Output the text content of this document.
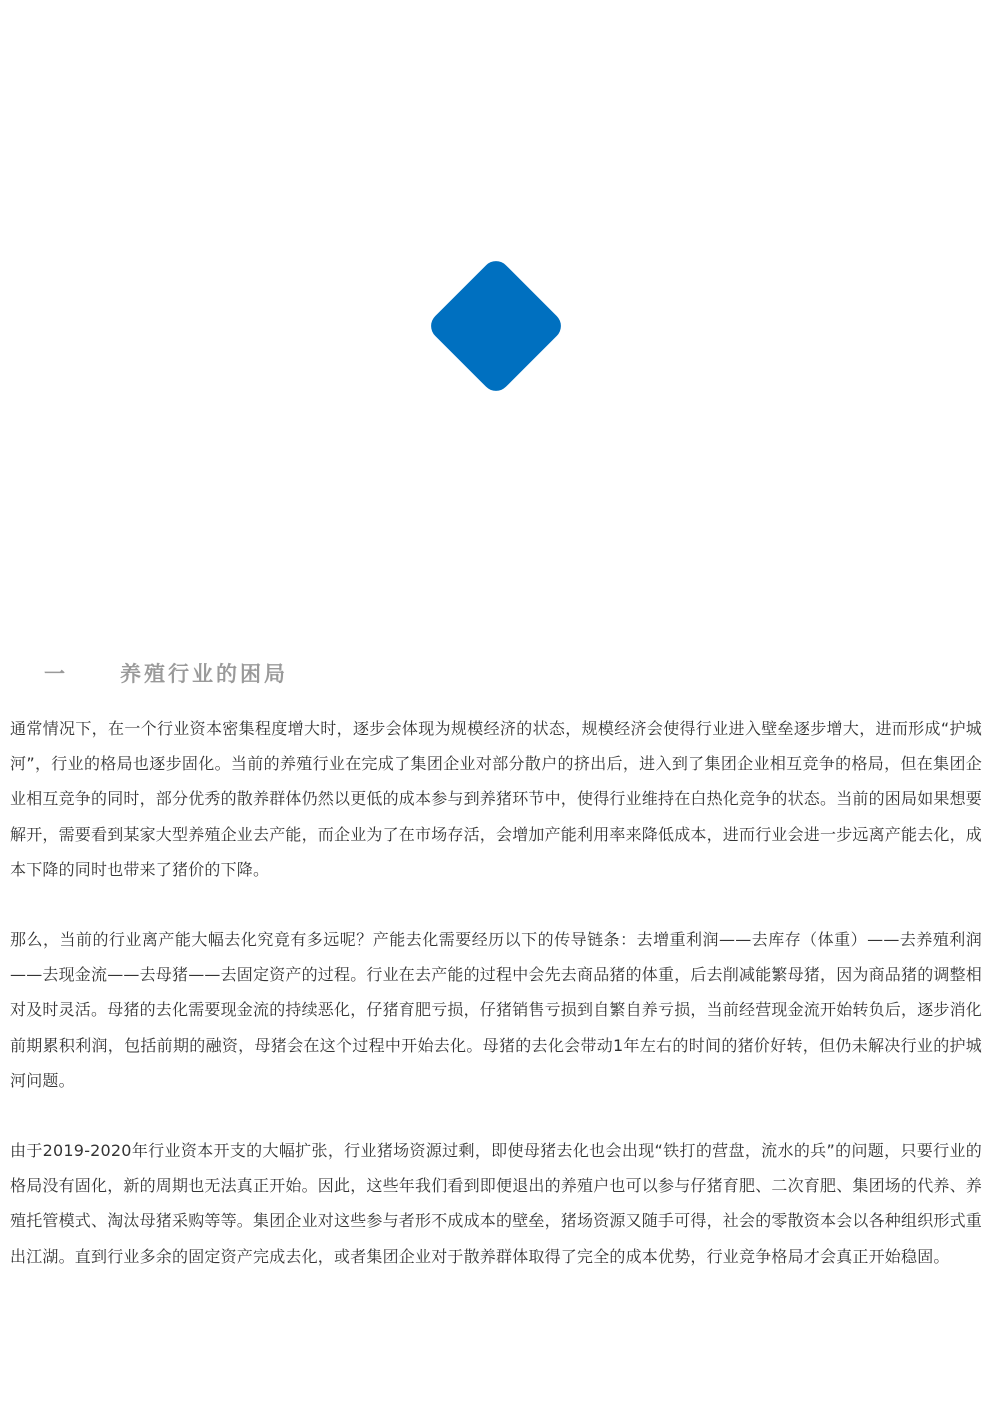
一	养殖行业的困局

通常情况下，在一个行业资本密集程度增大时，逐步会体现为规模经济的状态，规模经济会使得行业进入壁垒逐步增大，进而形成“护城河”，行业的格局也逐步固化。当前的养殖行业在完成了集团企业对部分散户的挤出后，进入到了集团企业相互竞争的格局，但在集团企业相互竞争的同时，部分优秀的散养群体仍然以更低的成本参与到养猪环节中，使得行业维持在白热化竞争的状态。当前的困局如果想要解开，需要看到某家大型养殖企业去产能，而企业为了在市场存活，会增加产能利用率来降低成本，进而行业会进一步远离产能去化，成本下降的同时也带来了猪价的下降。

那么，当前的行业离产能大幅去化究竟有多远呢？产能去化需要经历以下的传导链条：去增重利润——去库存（体重）——去养殖利润——去现金流——去母猪——去固定资产的过程。行业在去产能的过程中会先去商品猪的体重，后去削减能繁母猪，因为商品猪的调整相对及时灵活。母猪的去化需要现金流的持续恶化，仔猪育肥亏损，仔猪销售亏损到自繁自养亏损，当前经营现金流开始转负后，逐步消化前期累积利润，包括前期的融资，母猪会在这个过程中开始去化。母猪的去化会带动1年左右的时间的猪价好转，但仍未解决行业的护城河问题。

由于2019-2020年行业资本开支的大幅扩张，行业猪场资源过剩，即使母猪去化也会出现“铁打的营盘，流水的兵”的问题，只要行业的格局没有固化，新的周期也无法真正开始。因此，这些年我们看到即便退出的养殖户也可以参与仔猪育肥、二次育肥、集团场的代养、养殖托管模式、淘汰母猪采购等等。集团企业对这些参与者形不成成本的壁垒，猪场资源又随手可得，社会的零散资本会以各种组织形式重出江湖。直到行业多余的固定资产完成去化，或者集团企业对于散养群体取得了完全的成本优势，行业竞争格局才会真正开始稳固。
